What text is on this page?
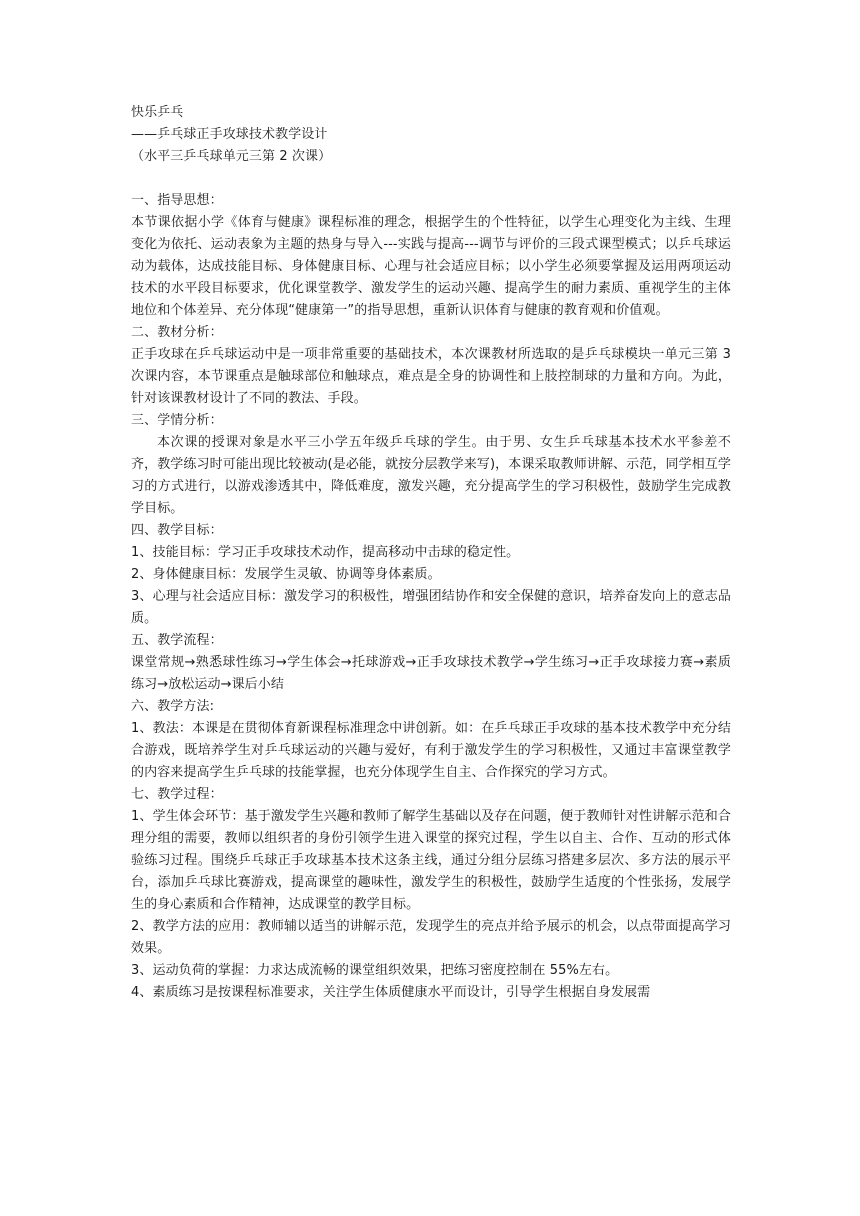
快乐乒乓

——乒乓球正手攻球技术教学设计

（水平三乒乓球单元三第 2 次课）

一、指导思想：

本节课依据小学《体育与健康》课程标准的理念，根据学生的个性特征，以学生心理变化为主线、生理变化为依托、运动表象为主题的热身与导入---实践与提高---调节与评价的三段式课型模式；以乒乓球运动为载体，达成技能目标、身体健康目标、心理与社会适应目标；以小学生必须要掌握及运用两项运动技术的水平段目标要求，优化课堂教学、激发学生的运动兴趣、提高学生的耐力素质、重视学生的主体地位和个体差异、充分体现“健康第一”的指导思想，重新认识体育与健康的教育观和价值观。

二、教材分析：

正手攻球在乒乓球运动中是一项非常重要的基础技术，本次课教材所选取的是乒乓球模块一单元三第 3 次课内容，本节课重点是触球部位和触球点，难点是全身的协调性和上肢控制球的力量和方向。为此，针对该课教材设计了不同的教法、手段。

三、学情分析：

本次课的授课对象是水平三小学五年级乒乓球的学生。由于男、女生乒乓球基本技术水平参差不齐，教学练习时可能出现比较被动(是必能，就按分层教学来写)，本课采取教师讲解、示范，同学相互学习的方式进行，以游戏渗透其中，降低难度，激发兴趣，充分提高学生的学习积极性，鼓励学生完成教学目标。

四、教学目标：

1、技能目标：学习正手攻球技术动作，提高移动中击球的稳定性。

2、身体健康目标：发展学生灵敏、协调等身体素质。

3、心理与社会适应目标：激发学习的积极性，增强团结协作和安全保健的意识，培养奋发向上的意志品质。

五、教学流程：

课堂常规→熟悉球性练习→学生体会→托球游戏→正手攻球技术教学→学生练习→正手攻球接力赛→素质练习→放松运动→课后小结

六、教学方法:

1、教法：本课是在贯彻体育新课程标准理念中讲创新。如：在乒乓球正手攻球的基本技术教学中充分结合游戏，既培养学生对乒乓球运动的兴趣与爱好，有利于激发学生的学习积极性，又通过丰富课堂教学的内容来提高学生乒乓球的技能掌握，也充分体现学生自主、合作探究的学习方式。

七、教学过程：

1、学生体会环节：基于激发学生兴趣和教师了解学生基础以及存在问题，便于教师针对性讲解示范和合理分组的需要，教师以组织者的身份引领学生进入课堂的探究过程，学生以自主、合作、互动的形式体验练习过程。围绕乒乓球正手攻球基本技术这条主线，通过分组分层练习搭建多层次、多方法的展示平台，添加乒乓球比赛游戏，提高课堂的趣味性，激发学生的积极性，鼓励学生适度的个性张扬，发展学生的身心素质和合作精神，达成课堂的教学目标。

2、教学方法的应用：教师辅以适当的讲解示范，发现学生的亮点并给予展示的机会，以点带面提高学习效果。

3、运动负荷的掌握：力求达成流畅的课堂组织效果，把练习密度控制在 55%左右。

4、素质练习是按课程标准要求，关注学生体质健康水平而设计，引导学生根据自身发展需
